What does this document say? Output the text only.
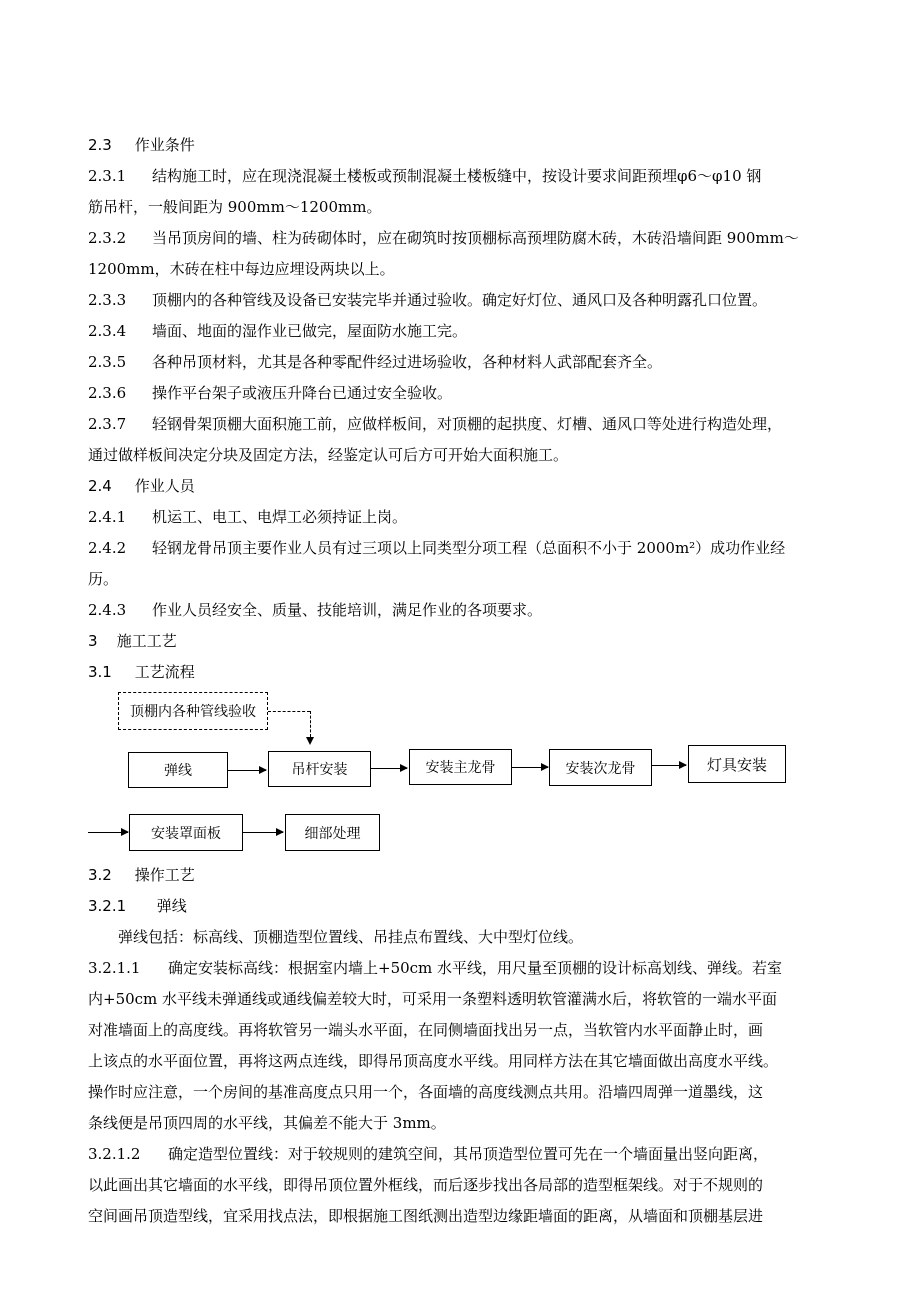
2.3 作业条件
2.3.1 结构施工时，应在现浇混凝土楼板或预制混凝土楼板缝中，按设计要求间距预埋φ6～φ10 钢
筋吊杆，一般间距为 900mm～1200mm。
2.3.2 当吊顶房间的墙、柱为砖砌体时，应在砌筑时按顶棚标高预埋防腐木砖，木砖沿墙间距 900mm～
1200mm，木砖在柱中每边应埋设两块以上。
2.3.3 顶棚内的各种管线及设备已安装完毕并通过验收。确定好灯位、通风口及各种明露孔口位置。
2.3.4 墙面、地面的湿作业已做完，屋面防水施工完。
2.3.5 各种吊顶材料，尤其是各种零配件经过进场验收，各种材料人武部配套齐全。
2.3.6 操作平台架子或液压升降台已通过安全验收。
2.3.7 轻钢骨架顶棚大面积施工前，应做样板间，对顶棚的起拱度、灯槽、通风口等处进行构造处理，
通过做样板间决定分块及固定方法，经鉴定认可后方可开始大面积施工。
2.4 作业人员
2.4.1 机运工、电工、电焊工必须持证上岗。
2.4.2 轻钢龙骨吊顶主要作业人员有过三项以上同类型分项工程（总面积不小于 2000m²）成功作业经
历。
2.4.3 作业人员经安全、质量、技能培训，满足作业的各项要求。
3 施工工艺
3.1 工艺流程
3.2 操作工艺
3.2.1 弹线
弹线包括：标高线、顶棚造型位置线、吊挂点布置线、大中型灯位线。
3.2.1.1 确定安装标高线：根据室内墙上+50cm 水平线，用尺量至顶棚的设计标高划线、弹线。若室
内+50cm 水平线未弹通线或通线偏差较大时，可采用一条塑料透明软管灌满水后，将软管的一端水平面
对准墙面上的高度线。再将软管另一端头水平面，在同侧墙面找出另一点，当软管内水平面静止时，画
上该点的水平面位置，再将这两点连线，即得吊顶高度水平线。用同样方法在其它墙面做出高度水平线。
操作时应注意，一个房间的基准高度点只用一个，各面墙的高度线测点共用。沿墙四周弹一道墨线，这
条线便是吊顶四周的水平线，其偏差不能大于 3mm。
3.2.1.2 确定造型位置线：对于较规则的建筑空间，其吊顶造型位置可先在一个墙面量出竖向距离，
以此画出其它墙面的水平线，即得吊顶位置外框线，而后逐步找出各局部的造型框架线。对于不规则的
空间画吊顶造型线，宜采用找点法，即根据施工图纸测出造型边缘距墙面的距离，从墙面和顶棚基层进
顶棚内各种管线验收
弹线	吊杆安装	安装主龙骨	安装次龙骨	灯具安装
安装罩面板	细部处理
